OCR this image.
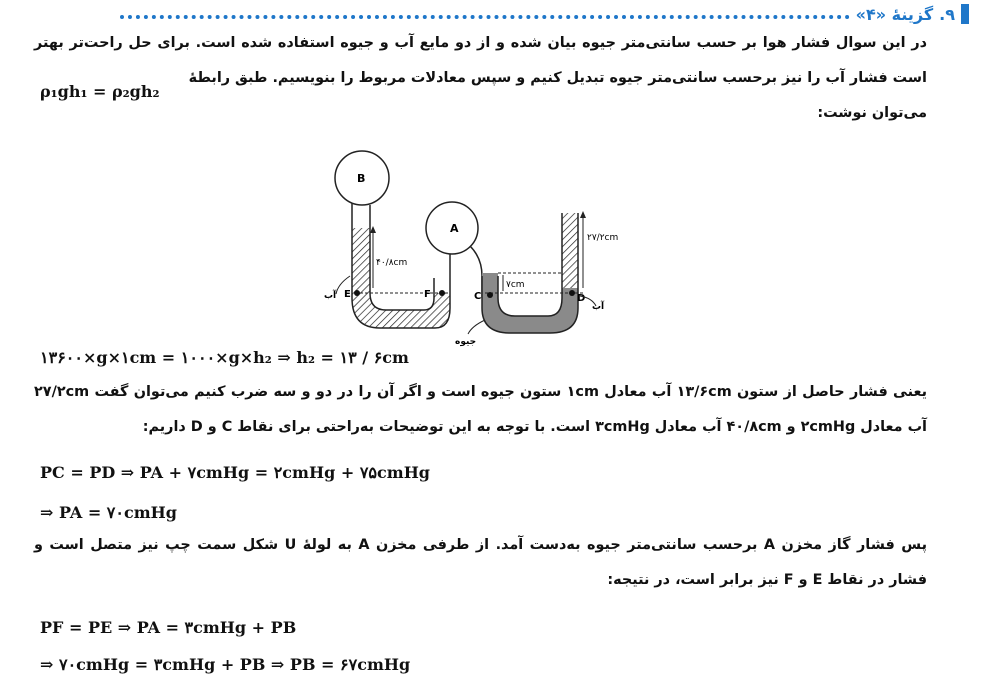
۹.
گزینهٔ «۴»

در این سوال فشار هوا بر حسب سانتی‌متر جیوه بیان شده و از دو مایع آب و جیوه استفاده شده است. برای حل راحت‌تر بهتر است فشار آب را نیز برحسب سانتی‌متر جیوه تبدیل کنیم و سپس معادلات مربوط را بنویسیم. طبق رابطهٔ
می‌توان نوشت:

ρ₁gh₁ = ρ₂gh₂
B
A
E	F	C	D
۴۰/۸cm
۲۷/۲cm
۷cm
آب
آب
جیوه
۱۳۶۰۰×g×۱cm = ۱۰۰۰×g×h₂ ⇒ h₂ = ۱۳ / ۶cm

یعنی فشار حاصل از ستون ۱۳/۶cm آب معادل ۱cm ستون جیوه است و اگر آن را در دو و سه ضرب کنیم می‌توان گفت ۲۷/۲cm آب معادل ۲cmHg و ۴۰/۸cm آب معادل ۳cmHg است. با توجه به این توضیحات به‌راحتی برای نقاط C و D داریم:

PC = PD ⇒ PA + ۷cmHg = ۲cmHg + ۷۵cmHg
⇒ PA = ۷۰cmHg

پس فشار گاز مخزن A برحسب سانتی‌متر جیوه به‌دست آمد. از طرفی مخزن A به لولهٔ U شکل سمت چپ نیز متصل است و فشار در نقاط E و F نیز برابر است، در نتیجه:

PF = PE ⇒ PA = ۳cmHg + PB
⇒ ۷۰cmHg = ۳cmHg + PB ⇒ PB = ۶۷cmHg
